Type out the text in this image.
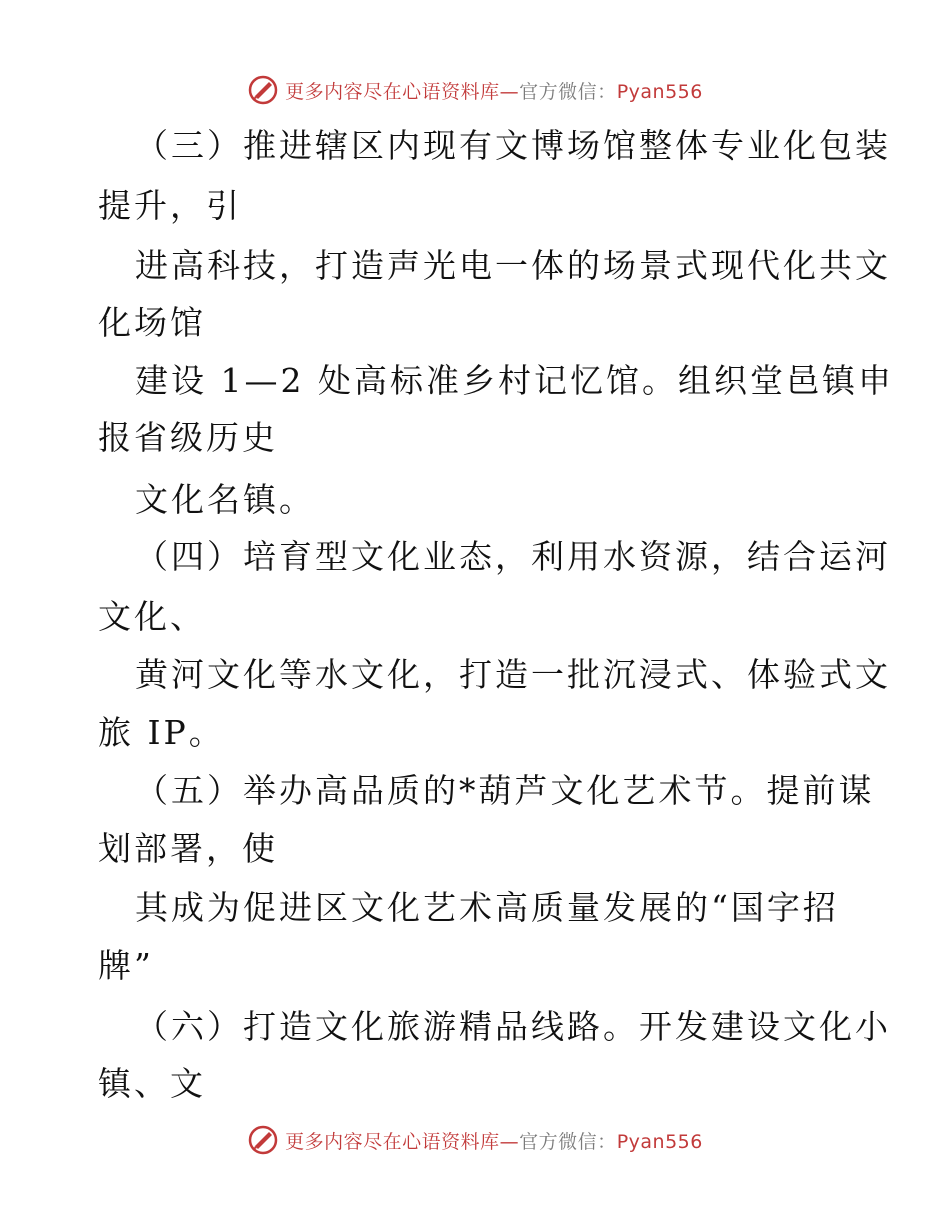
更多内容尽在心语资料库—官方微信：Pyan556
（三）推进辖区内现有文博场馆整体专业化包装
提升，引
进高科技，打造声光电一体的场景式现代化共文
化场馆
建设 1—2 处高标准乡村记忆馆。组织堂邑镇申
报省级历史
文化名镇。
（四）培育型文化业态，利用水资源，结合运河
文化、
黄河文化等水文化，打造一批沉浸式、体验式文
旅 IP。
（五）举办高品质的*葫芦文化艺术节。提前谋
划部署，使
其成为促进区文化艺术高质量发展的“国字招
牌”
（六）打造文化旅游精品线路。开发建设文化小
镇、文
更多内容尽在心语资料库—官方微信：Pyan556
